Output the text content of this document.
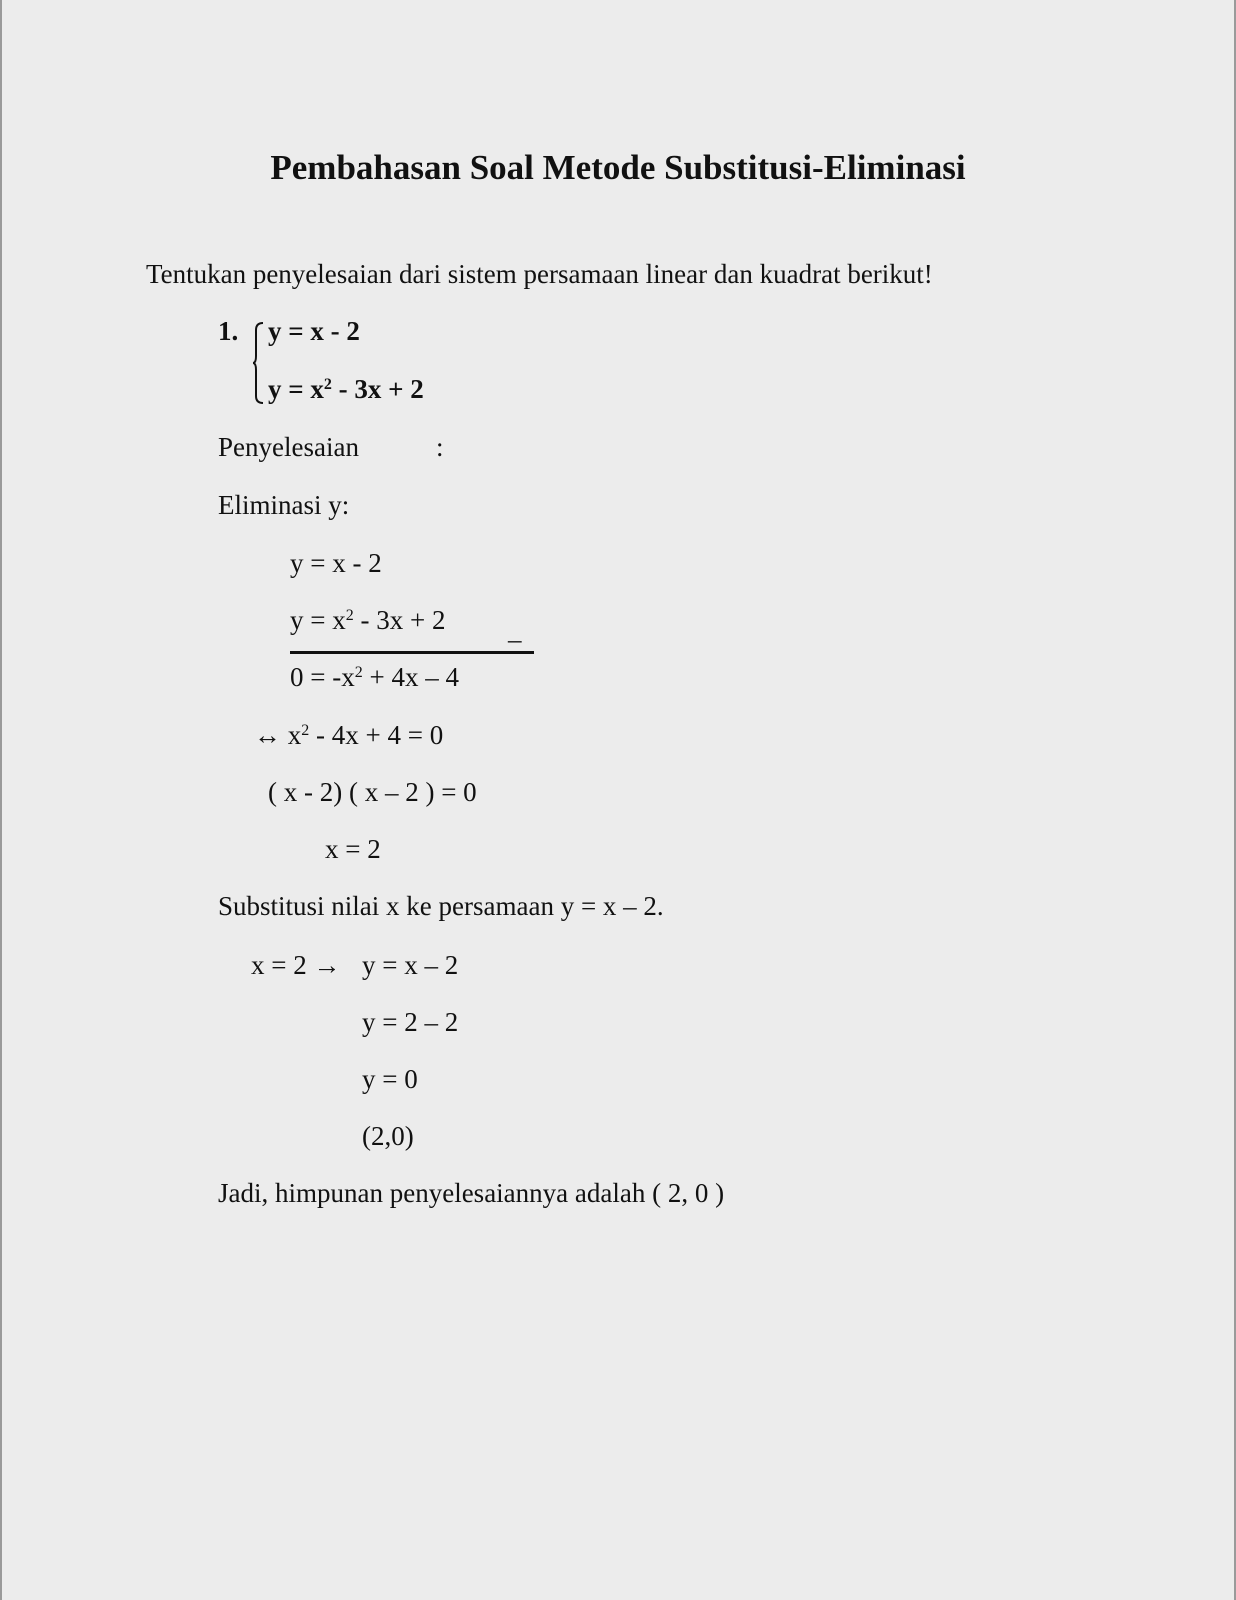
Pembahasan Soal Metode Substitusi-Eliminasi
Tentukan penyelesaian dari sistem persamaan linear dan kuadrat berikut!
1. y = x - 2
$y = x^2 - 3x + 2$
Penyelesaian	:
Eliminasi y:
y = x - 2
$y = x^2 - 3x + 2$ _
$0 = -x^2 + 4x - 4$
↔ $x^2 - 4x + 4 = 0$
( x - 2) ( x – 2 ) = 0
x = 2
Substitusi nilai x ke persamaan y = x – 2.
x = 2 → y = x – 2
y = 2 – 2
y = 0
(2,0)
Jadi, himpunan penyelesaiannya adalah ( 2, 0 )
